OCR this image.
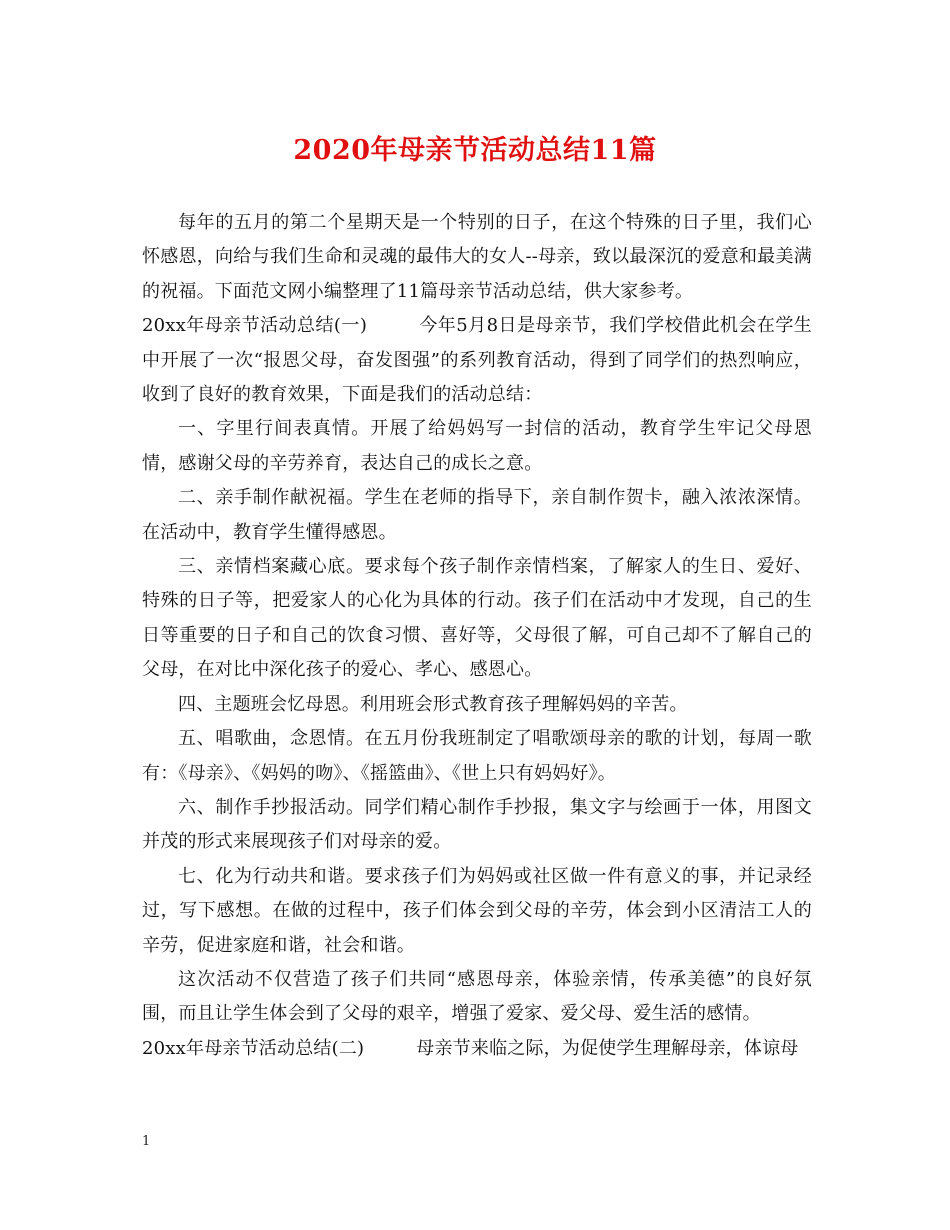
2020年母亲节活动总结11篇

每年的五月的第二个星期天是一个特别的日子，在这个特殊的日子里，我们心怀感恩，向给与我们生命和灵魂的最伟大的女人--母亲，致以最深沉的爱意和最美满的祝福。下面范文网小编整理了11篇母亲节活动总结，供大家参考。

20xx年母亲节活动总结(一)	今年5月8日是母亲节，我们学校借此机会在学生中开展了一次“报恩父母，奋发图强”的系列教育活动，得到了同学们的热烈响应，收到了良好的教育效果，下面是我们的活动总结：

一、字里行间表真情。开展了给妈妈写一封信的活动，教育学生牢记父母恩情，感谢父母的辛劳养育，表达自己的成长之意。

二、亲手制作献祝福。学生在老师的指导下，亲自制作贺卡，融入浓浓深情。在活动中，教育学生懂得感恩。

三、亲情档案藏心底。要求每个孩子制作亲情档案，了解家人的生日、爱好、特殊的日子等，把爱家人的心化为具体的行动。孩子们在活动中才发现，自己的生日等重要的日子和自己的饮食习惯、喜好等，父母很了解，可自己却不了解自己的父母，在对比中深化孩子的爱心、孝心、感恩心。

四、主题班会忆母恩。利用班会形式教育孩子理解妈妈的辛苦。

五、唱歌曲，念恩情。在五月份我班制定了唱歌颂母亲的歌的计划，每周一歌有：《母亲》、《妈妈的吻》、《摇篮曲》、《世上只有妈妈好》。

六、制作手抄报活动。同学们精心制作手抄报，集文字与绘画于一体，用图文并茂的形式来展现孩子们对母亲的爱。

七、化为行动共和谐。要求孩子们为妈妈或社区做一件有意义的事，并记录经过，写下感想。在做的过程中，孩子们体会到父母的辛劳，体会到小区清洁工人的辛劳，促进家庭和谐，社会和谐。

这次活动不仅营造了孩子们共同“感恩母亲，体验亲情，传承美德”的良好氛围，而且让学生体会到了父母的艰辛，增强了爱家、爱父母、爱生活的感情。

20xx年母亲节活动总结(二)	母亲节来临之际，为促使学生理解母亲，体谅母

1
